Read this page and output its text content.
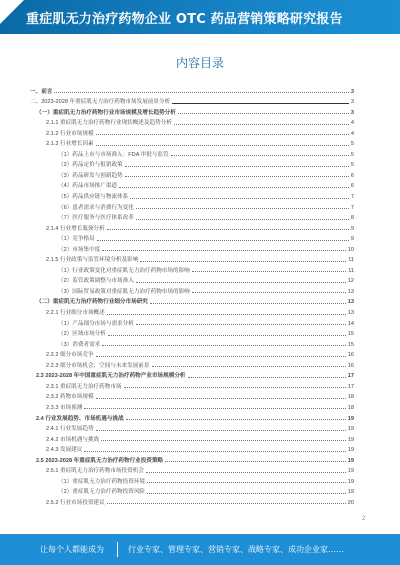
重症肌无力治疗药物企业 OTC 药品营销策略研究报告
内容目录
一、前言	3
二、2023-2028 年重症肌无力治疗药物市场发展前景分析	3
（一）重症肌无力治疗药物行业市场规模及增长趋势分析	3
2.1.1 重症肌无力治疗药物行业现状概述及趋势分析	4
2.1.2 行业市场规模	4
2.1.3 行业增长因素	5
（1）药品上市与市场准入：FDA 审批与监管	5
（2）药品定价与报销政策	5
（3）药品研发与创新趋势	6
（4）药品市场推广渠道	6
（5）药品供应链与物流体系	7
（6）患者需求与消费行为变化	7
（7）医疗服务与医疗体系改革	8
2.1.4 行业增长瓶颈分析	9
（1）竞争格局	9
（2）市场集中度	10
2.1.5 行业政策与监管环境分析及影响	11
（1）行业政策变化对重症肌无力治疗药物市场的影响	11
（2）监管政策调整与市场准入	12
（3）国际贸易政策对重症肌无力治疗药物市场的影响	13
（二）重症肌无力治疗药物行业细分市场研究	13
2.2.1 行业细分市场概述	13
（1）产品细分市场与需求分析	14
（2）区域市场分析	15
（3）消费者需求	15
2.2.2 细分市场竞争	16
2.2.3 细分市场机会、空间与未来发展前景	16
2.3 2023-2028 年中国重症肌无力治疗药物产业市场规模分析	17
2.3.1 重症肌无力治疗药物市场	17
2.3.2 药物市场规模	18
2.3.3 市场预测	18
2.4 行业发展趋势、市场机遇与挑战	19
2.4.1 行业发展趋势	19
2.4.2 市场机遇与挑战	19
2.4.3 发展建议	19
2.5 2023-2028 年重症肌无力治疗药物行业投资策略	19
2.5.1 重症肌无力治疗药物市场投资机会	19
（1）重症肌无力治疗药物投资环境	19
（2）重症肌无力治疗药物投资风险	19
2.5.2 行业市场投资建议	20
2
让每个人都能成为	行业专家、管理专家、营销专家、战略专家、成功企业家……
